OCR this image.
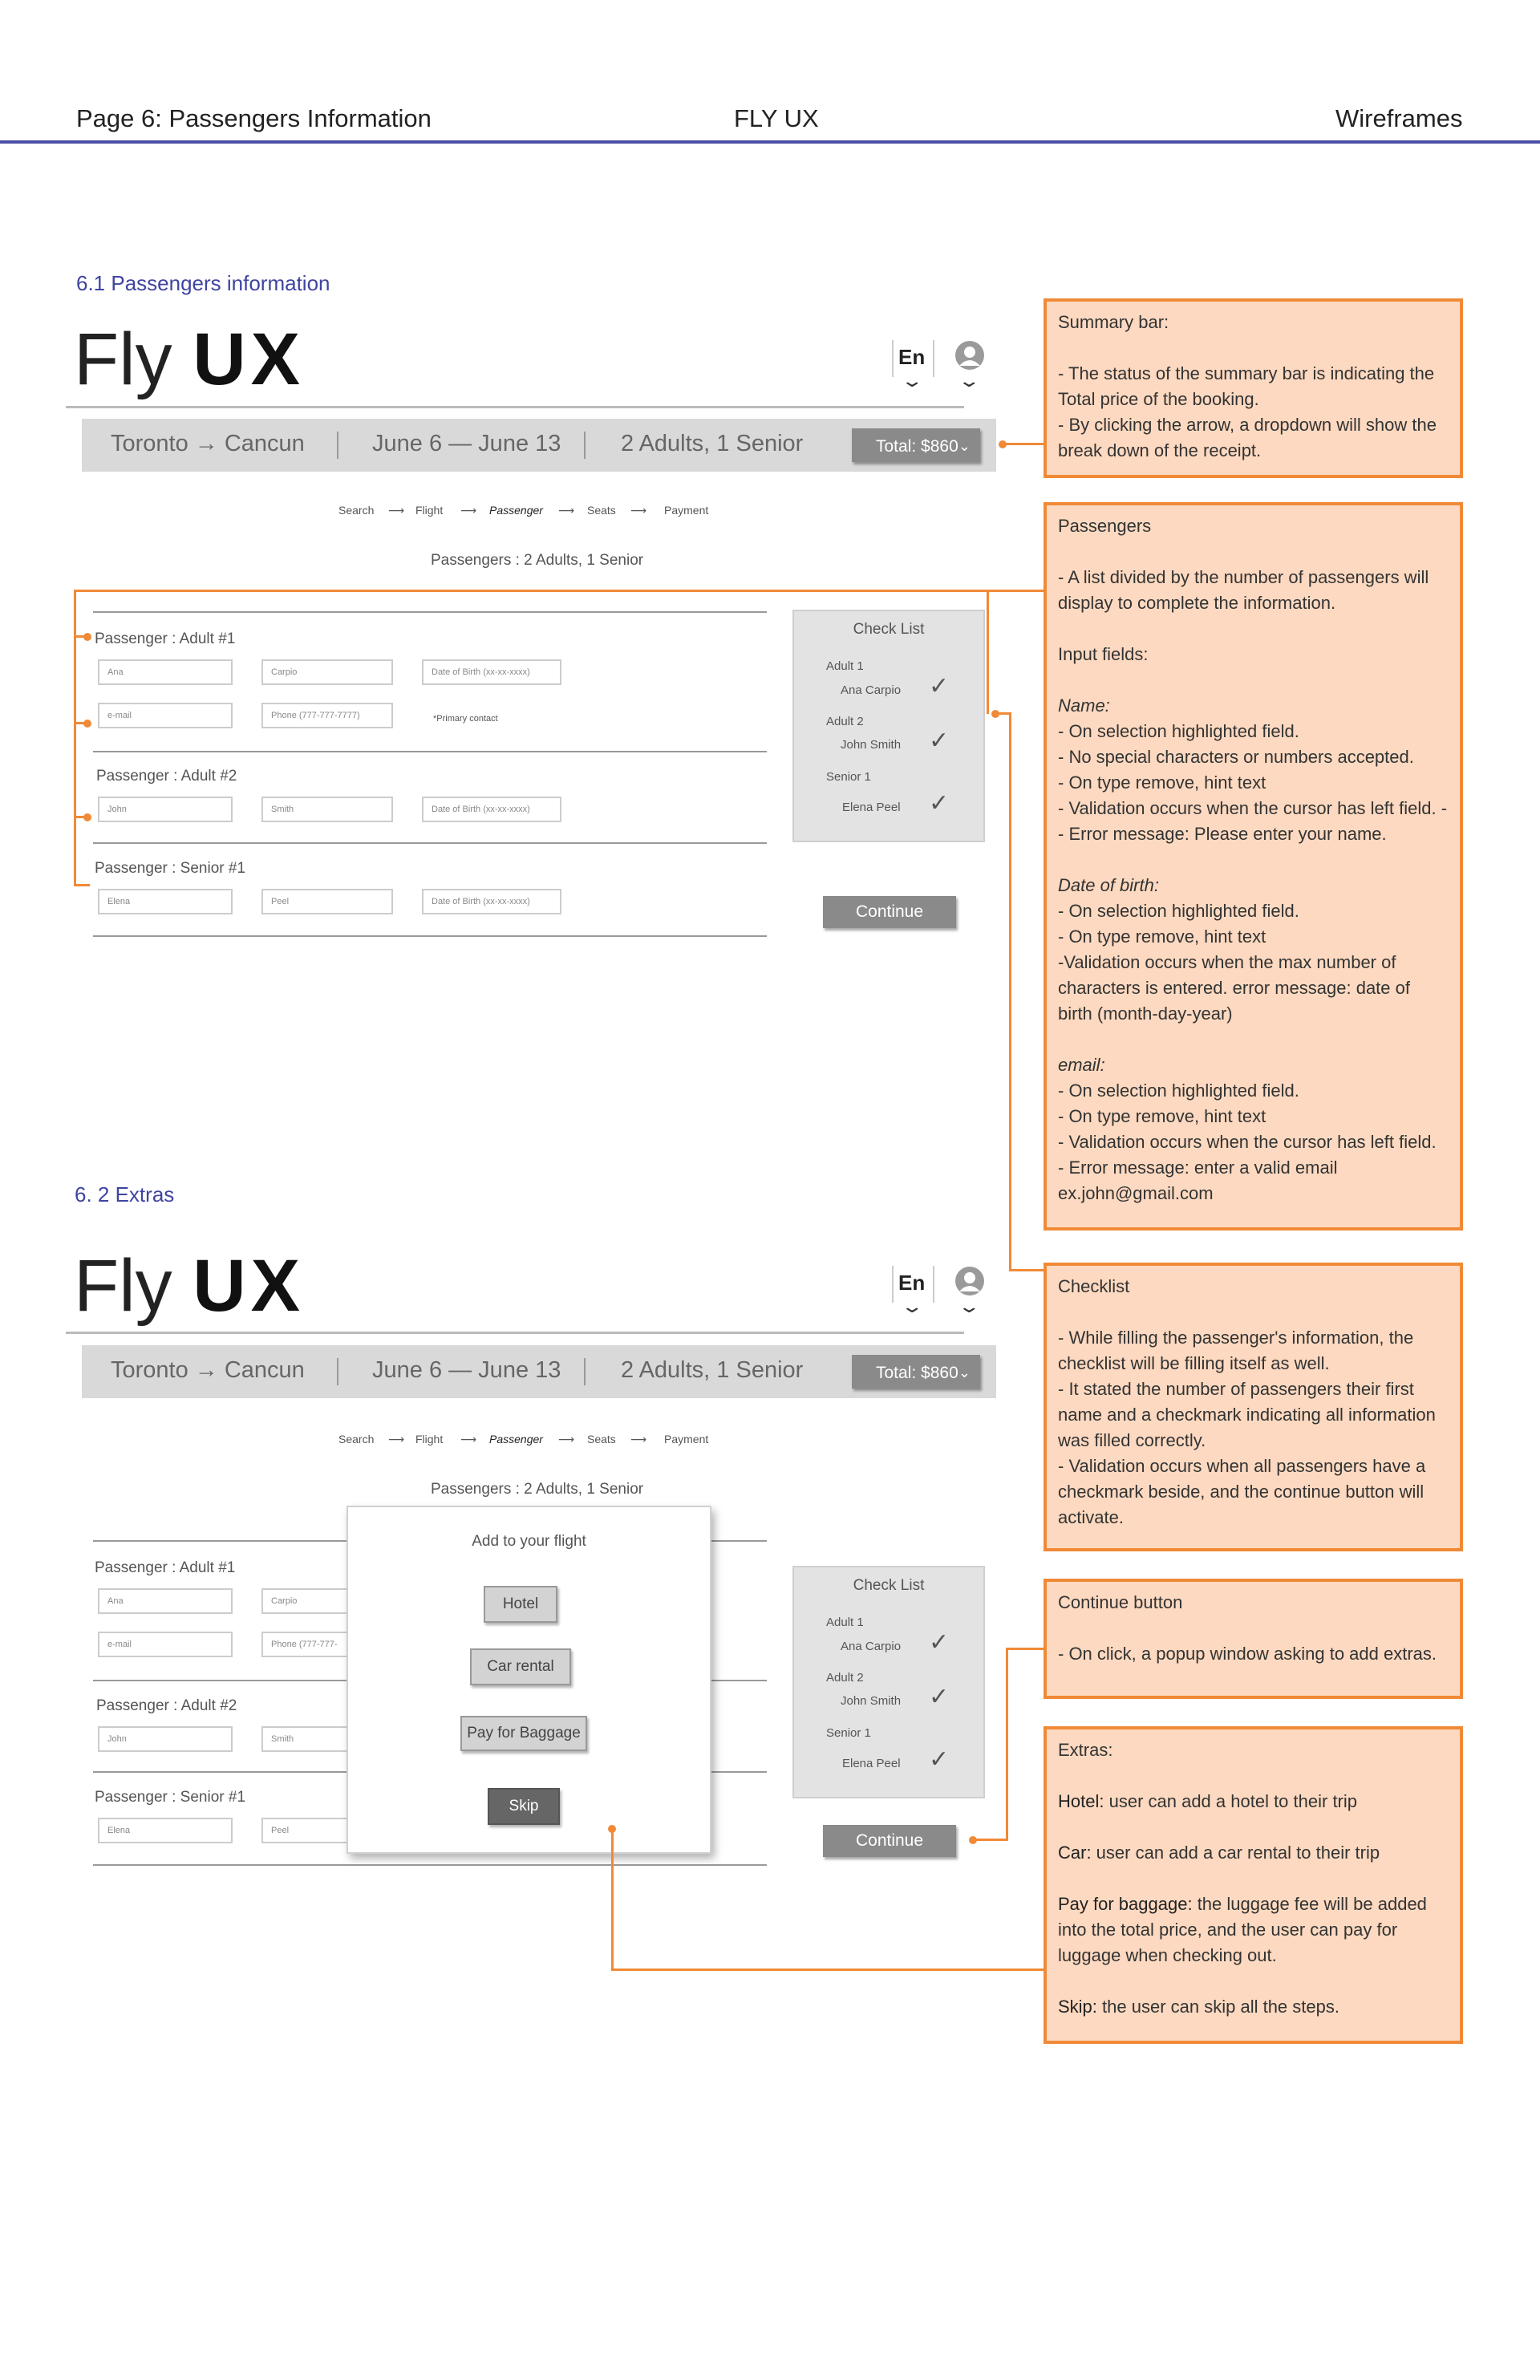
Page 6: Passengers Information	FLY UX	Wireframes
6.1 Passengers information
Fly UX	En
⌄ ⌄
Toronto → Cancun	June 6 — June 13	2 Adults, 1 Senior	Total: $860 ⌄
Search ⟶ Flight ⟶ Passenger ⟶ Seats ⟶ Payment
Passengers : 2 Adults, 1 Senior
Passenger : Adult #1
Ana	Carpio	Date of Birth (xx-xx-xxxx)
e-mail	Phone (777-777-7777)	*Primary contact
Passenger : Adult #2
John	Smith	Date of Birth (xx-xx-xxxx)
Passenger : Senior #1
Elena	Peel	Date of Birth (xx-xx-xxxx)
Check List
Adult 1
Ana Carpio ✓
Adult 2
John Smith ✓
Senior 1
Elena Peel ✓
Continue
6. 2 Extras
Fly UX	En
⌄ ⌄
Toronto → Cancun	June 6 — June 13	2 Adults, 1 Senior	Total: $860 ⌄
Search ⟶ Flight ⟶ Passenger ⟶ Seats ⟶ Payment
Passengers : 2 Adults, 1 Senior
Passenger : Adult #1
Ana	Carpio
e-mail	Phone (777-777-
Passenger : Adult #2
John	Smith
Passenger : Senior #1
Elena	Peel
Check List
Adult 1
Ana Carpio ✓
Adult 2
John Smith ✓
Senior 1
Elena Peel ✓
Continue
Add to your flight
Hotel
Car rental
Pay for Baggage
Skip

Summary bar:

- The status of the summary bar is indicating the Total price of the booking.

- By clicking the arrow, a dropdown will show the break down of the receipt.

Passengers

- A list divided by the number of passengers will display to complete the information.

Input fields:

Name:

- On selection highlighted field.

- No special characters or numbers accepted.

- On type remove, hint text

- Validation occurs when the cursor has left field. -

- Error message: Please enter your name.

Date of birth:

- On selection highlighted field.

- On type remove, hint text

-Validation occurs when the max number of characters is entered. error message: date of birth (month-day-year)

email:

- On selection highlighted field.

- On type remove, hint text

- Validation occurs when the cursor has left field.

- Error message: enter a valid email ex.john@gmail.com

Checklist

- While filling the passenger's information, the checklist will be filling itself as well.

- It stated the number of passengers their first name and a checkmark indicating all information was filled correctly.

- Validation occurs when all passengers have a checkmark beside, and the continue button will activate.

Continue button

- On click, a popup window asking to add extras.

Extras:

Hotel: user can add a hotel to their trip

Car: user can add a car rental to their trip

Pay for baggage: the luggage fee will be added into the total price, and the user can pay for luggage when checking out.

Skip: the user can skip all the steps.
